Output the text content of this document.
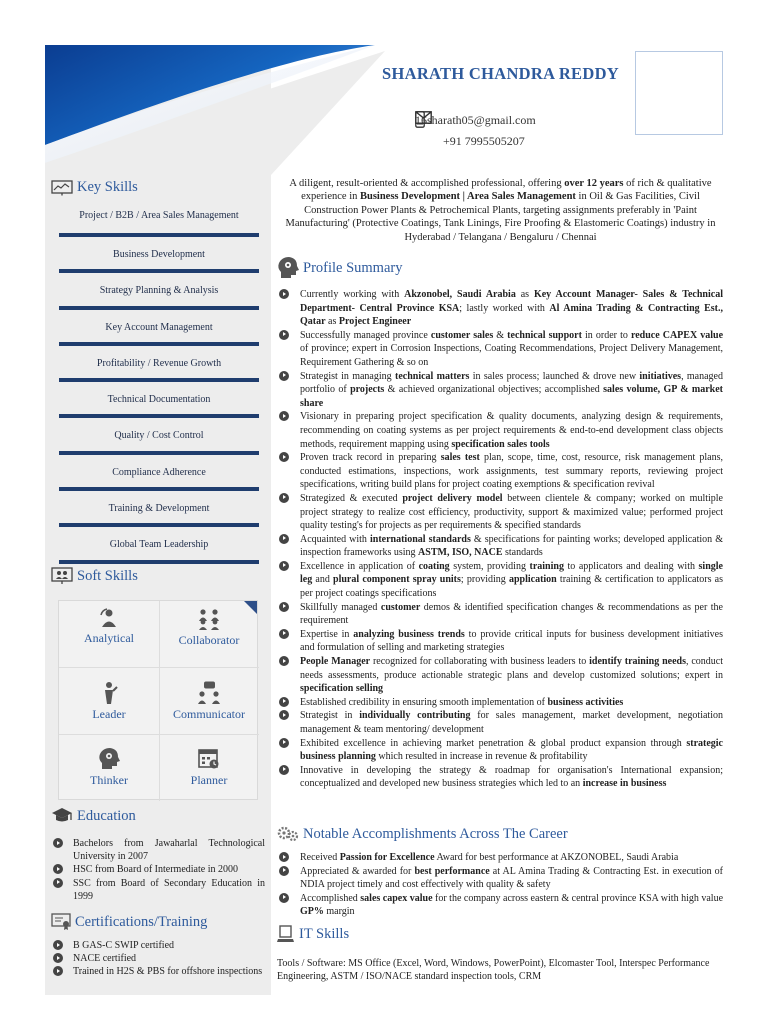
SHARATH CHANDRA REDDY
16sharath05@gmail.com
+91 7995505207
Key Skills
Project / B2B / Area Sales Management
Business Development
Strategy Planning & Analysis
Key Account Management
Profitability / Revenue Growth
Technical Documentation
Quality / Cost Control
Compliance Adherence
Training & Development
Global Team Leadership
Soft Skills
Analytical	Collaborator
Leader	Communicator
Thinker	Planner
Education
Bachelors from Jawaharlal Technological University in 2007
HSC from Board of Intermediate in 2000
SSC from Board of Secondary Education in 1999
Certifications/Training
B GAS-C SWIP certified
NACE certified
Trained in H2S & PBS for offshore inspections
A diligent, result-oriented & accomplished professional, offering over 12 years of rich & qualitative experience in Business Development | Area Sales Management in Oil & Gas Facilities, Civil Construction Power Plants & Petrochemical Plants, targeting assignments preferably in 'Paint Manufacturing' (Protective Coatings, Tank Linings, Fire Proofing & Elastomeric Coatings) industry in Hyderabad / Telangana / Bengaluru / Chennai
Profile Summary
Currently working with Akzonobel, Saudi Arabia as Key Account Manager- Sales & Technical Department- Central Province KSA; lastly worked with Al Amina Trading & Contracting Est., Qatar as Project Engineer
Successfully managed province customer sales & technical support in order to reduce CAPEX value of province; expert in Corrosion Inspections, Coating Recommendations, Project Delivery Management, Requirement Gathering & so on
Strategist in managing technical matters in sales process; launched & drove new initiatives, managed portfolio of projects & achieved organizational objectives; accomplished sales volume, GP & market share
Visionary in preparing project specification & quality documents, analyzing design & requirements, recommending on coating systems as per project requirements & end-to-end development class objects methods, requirement mapping using specification sales tools
Proven track record in preparing sales test plan, scope, time, cost, resource, risk management plans, conducted estimations, inspections, work assignments, test summary reports, reviewing project specifications, writing build plans for project coating exemptions & specification revival
Strategized & executed project delivery model between clientele & company; worked on multiple project strategy to realize cost efficiency, productivity, support & maximized value; performed project quality testing's for projects as per requirements & specified standards
Acquainted with international standards & specifications for painting works; developed application & inspection frameworks using ASTM, ISO, NACE standards
Excellence in application of coating system, providing training to applicators and dealing with single leg and plural component spray units; providing application training & certification to applicators as per project coatings specifications
Skillfully managed customer demos & identified specification changes & recommendations as per the requirement
Expertise in analyzing business trends to provide critical inputs for business development initiatives and formulation of selling and marketing strategies
People Manager recognized for collaborating with business leaders to identify training needs, conduct needs assessments, produce actionable strategic plans and develop customized solutions; expert in specification selling
Established credibility in ensuring smooth implementation of business activities
Strategist in individually contributing for sales management, market development, negotiation management & team mentoring/ development
Exhibited excellence in achieving market penetration & global product expansion through strategic business planning which resulted in increase in revenue & profitability
Innovative in developing the strategy & roadmap for organisation's International expansion; conceptualized and developed new business strategies which led to an increase in business
Notable Accomplishments Across The Career
Received Passion for Excellence Award for best performance at AKZONOBEL, Saudi Arabia
Appreciated & awarded for best performance at AL Amina Trading & Contracting Est. in execution of NDIA project timely and cost effectively with quality & safety
Accomplished sales capex value for the company across eastern & central province KSA with high value GP% margin
IT Skills
Tools / Software: MS Office (Excel, Word, Windows, PowerPoint), Elcomaster Tool, Interspec Performance Engineering, ASTM / ISO/NACE standard inspection tools, CRM
